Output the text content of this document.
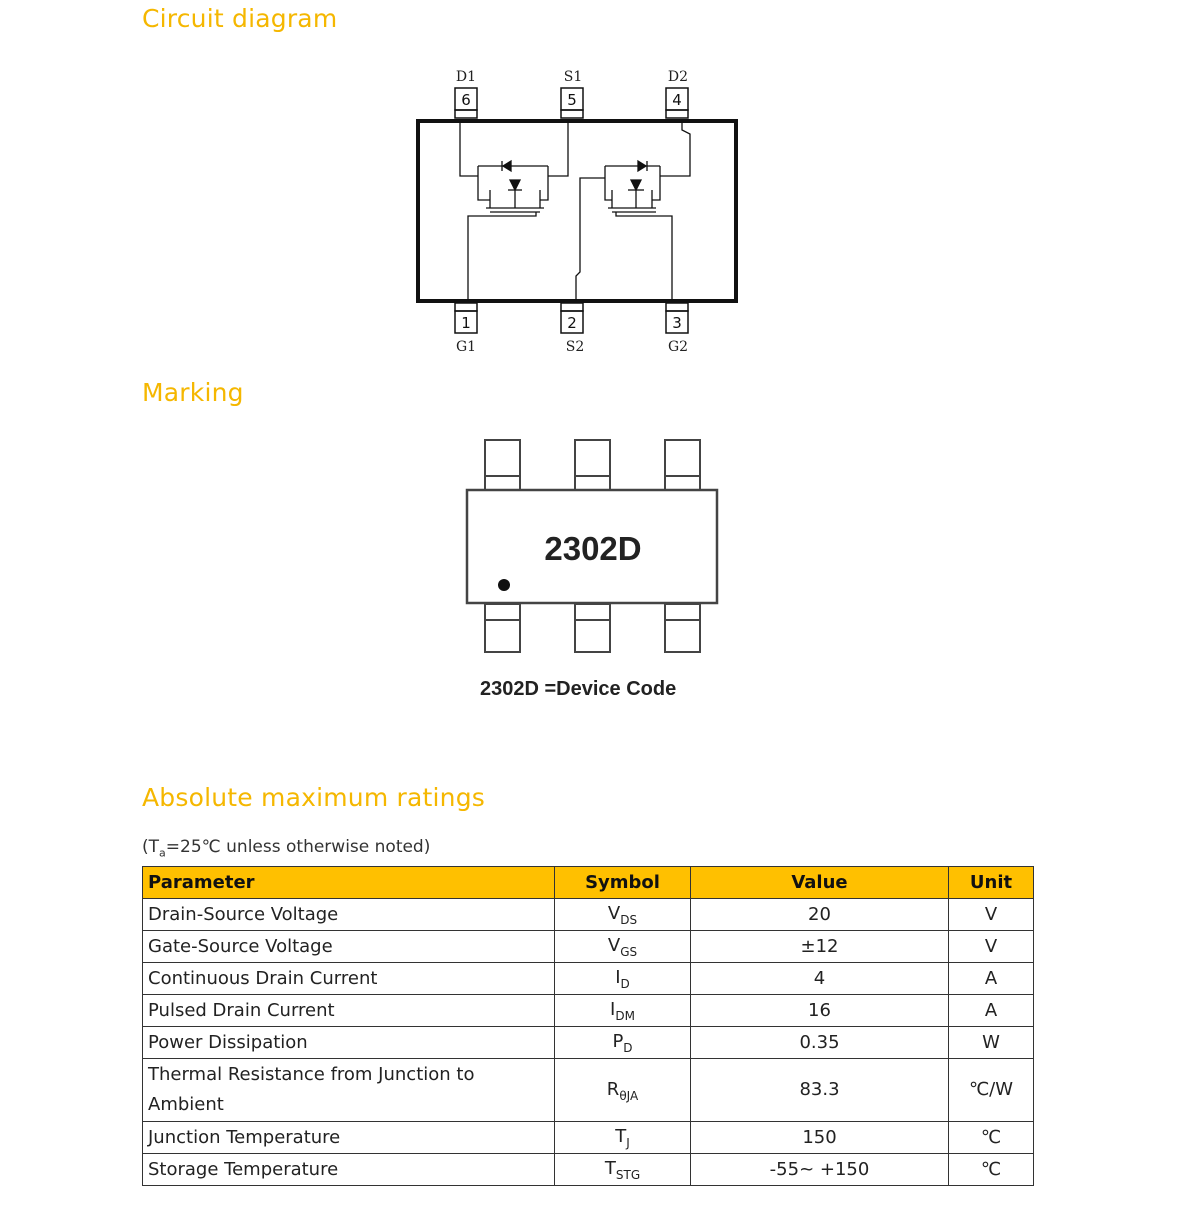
Circuit diagram
D1	S1	D2
6	5	4
1	2	3
G1	S2	G2
Marking
2302D

2302D =Device Code

Absolute maximum ratings

($T_a=25℃$ unless otherwise noted)

Parameter	Symbol	Value	Unit
Drain-Source Voltage	$V_{DS}$	20	V
Gate-Source Voltage	$V_{GS}$	±12	V
Continuous Drain Current	$I_D$	4	A
Pulsed Drain Current	$I_{DM}$	16	A
Power Dissipation	$P_D$	0.35	W
Thermal Resistance from Junction to Ambient	$R_{\theta JA}$	83.3	℃/W
Junction Temperature	$T_J$	150	℃
Storage Temperature	$T_{STG}$	-55~ +150	℃
